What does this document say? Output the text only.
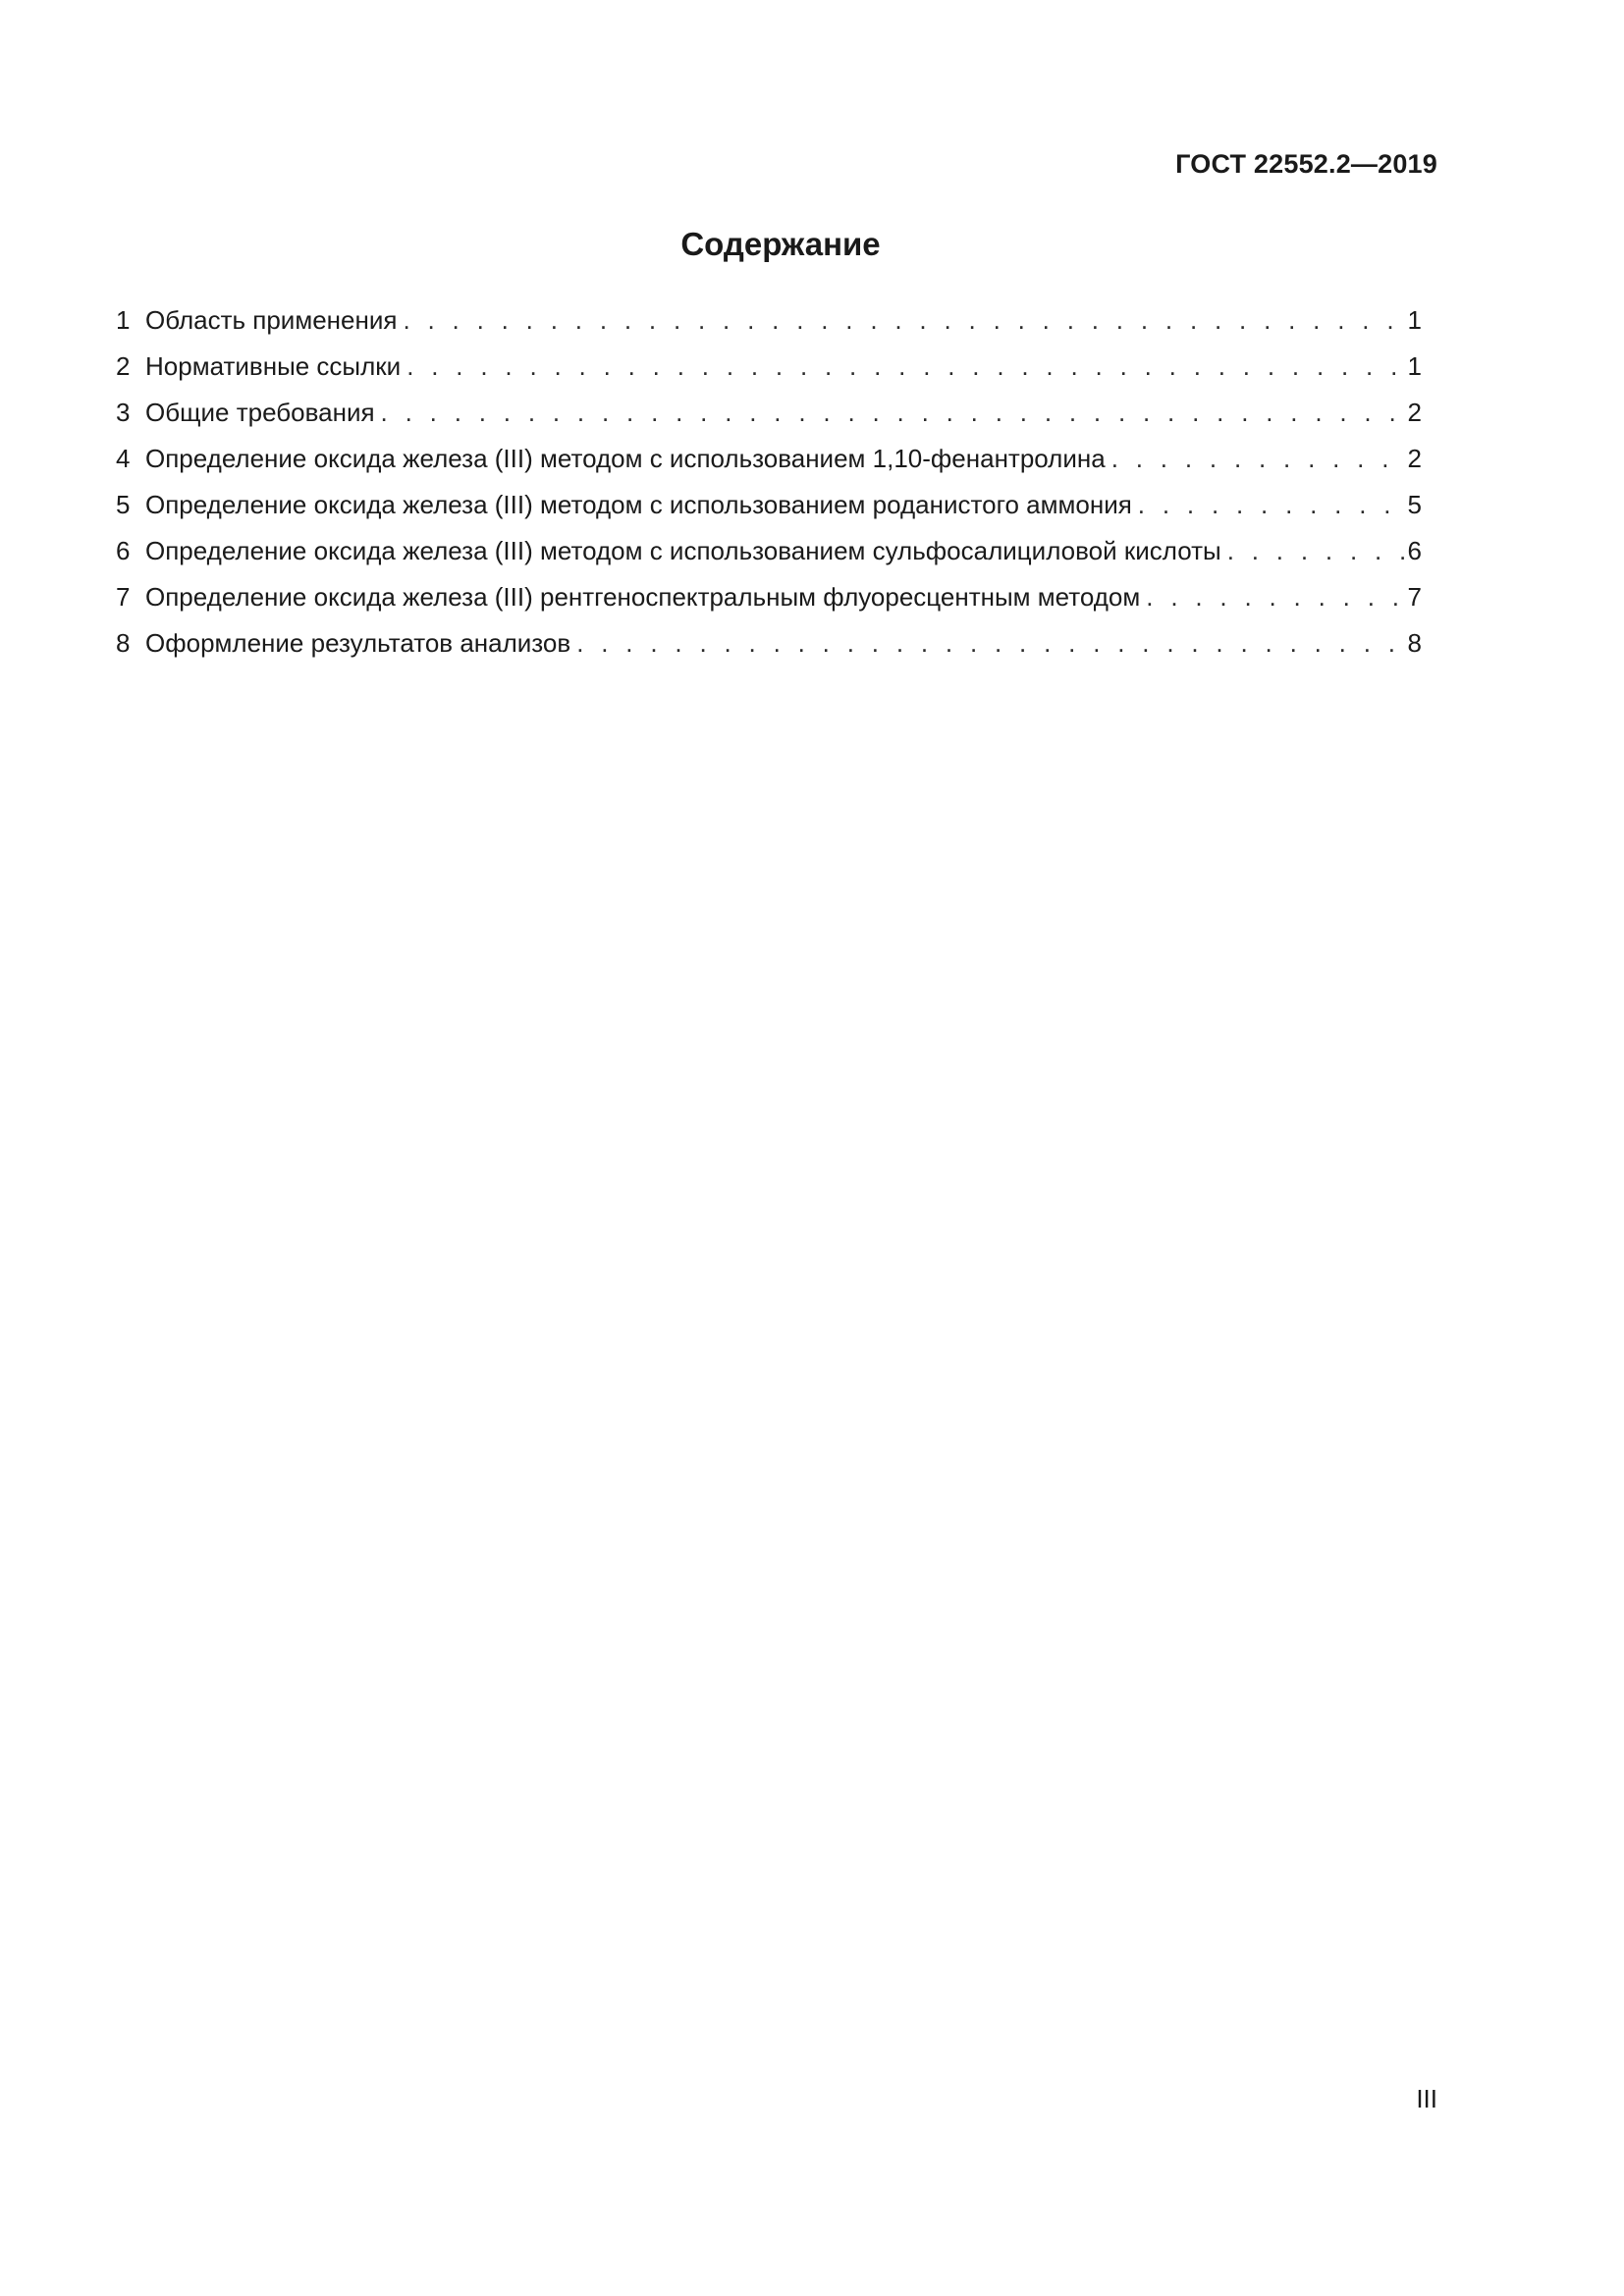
ГОСТ 22552.2—2019
Содержание
1 Область применения . . .	1
2 Нормативные ссылки . . .	1
3 Общие требования . . .	2
4 Определение оксида железа (III) методом с использованием 1,10-фенантролина . . .	2
5 Определение оксида железа (III) методом с использованием роданистого аммония . . .	5
6 Определение оксида железа (III) методом с использованием сульфосалициловой кислоты . . .	6
7 Определение оксида железа (III) рентгеноспектральным флуоресцентным методом . . .	7
8 Оформление результатов анализов . . .	8
III
